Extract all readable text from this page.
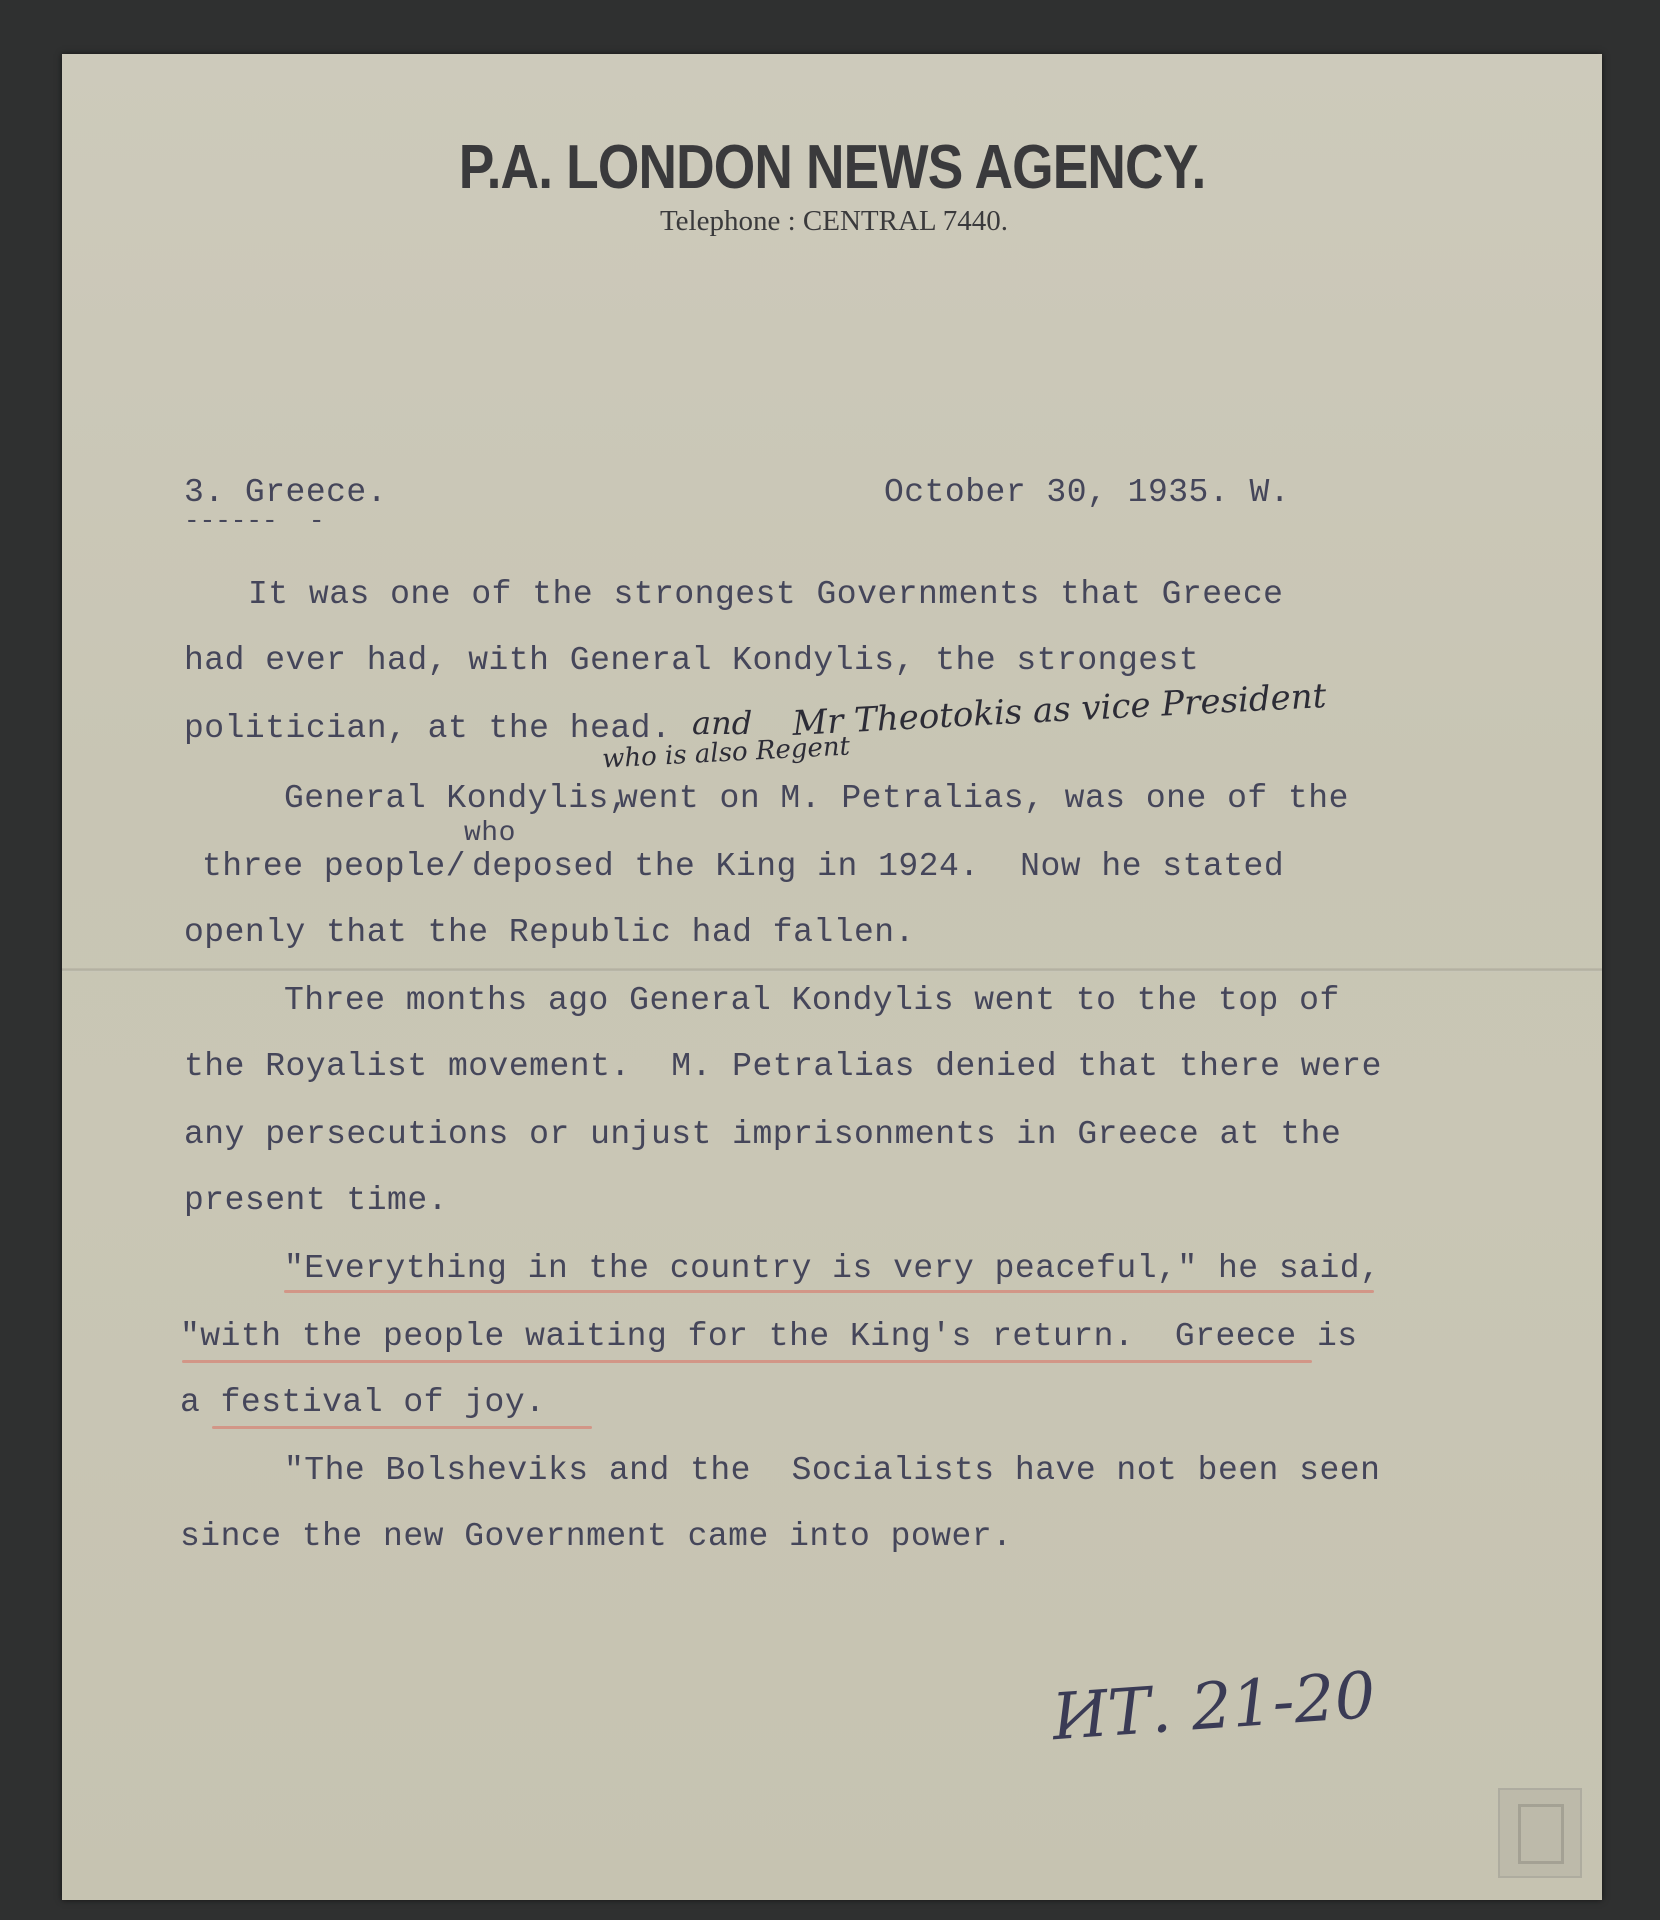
P.A. LONDON NEWS AGENCY.
Telephone : CENTRAL 7440.
3. Greece.
------  -
October 30, 1935. W.
It was one of the strongest Governments that Greece
had ever had, with General Kondylis, the strongest
politician, at the head. and Mr Theotokis as vice President
who is also Regent
General Kondylis,
went on M. Petralias, was one of the
who
three people/ deposed the King in 1924.  Now he stated
openly that the Republic had fallen.
Three months ago General Kondylis went to the top of
the Royalist movement.  M. Petralias denied that there were
any persecutions or unjust imprisonments in Greece at the
present time.
"Everything in the country is very peaceful," he said,
"with the people waiting for the King's return.  Greece is
a festival of joy.
"The Bolsheviks and the  Socialists have not been seen
since the new Government came into power.
ИТ. 21-20
